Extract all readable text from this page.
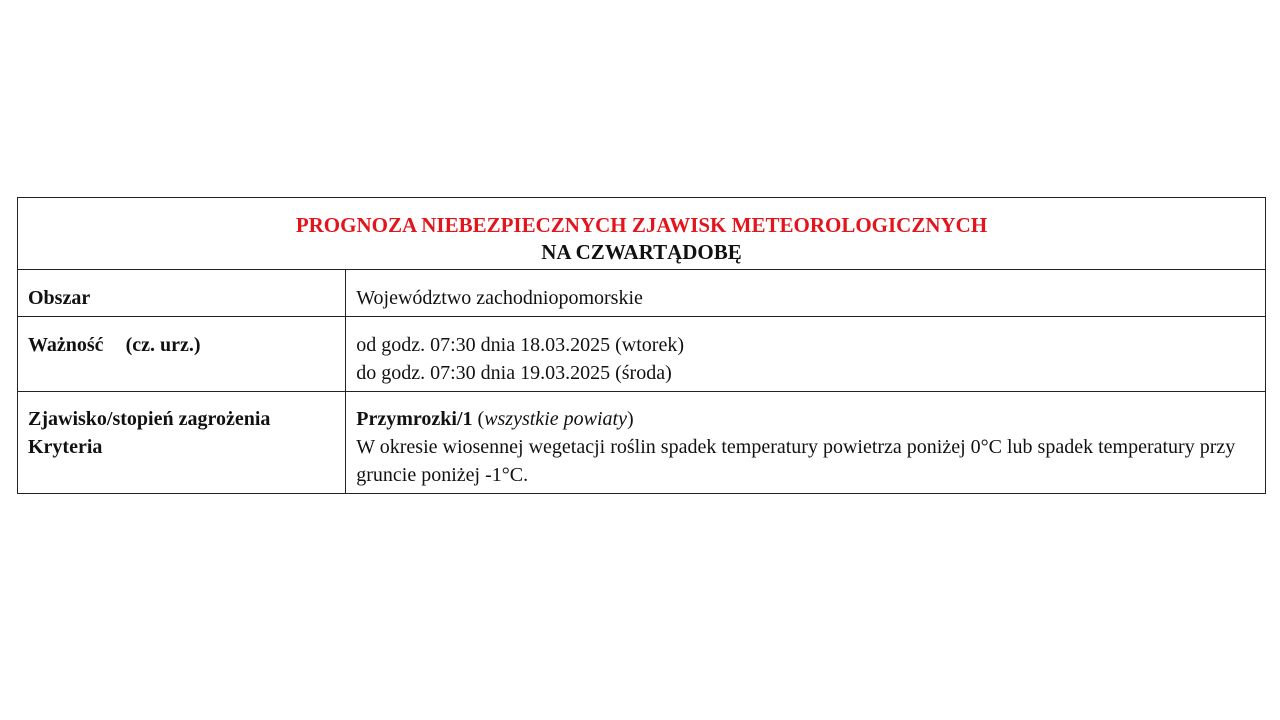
PROGNOZA NIEBEZPIECZNYCH ZJAWISK METEOROLOGICZNYCH
NA CZWARTĄDOBĘ	

Obszar	Województwo zachodniopomorskie
Ważność (cz. urz.)	od godz. 07:30 dnia 18.03.2025 (wtorek)
do godz. 07:30 dnia 19.03.2025 (środa)

Zjawisko/stopień zagrożenia
Kryteria	Przymrozki/1 (wszystkie powiaty)
W okresie wiosennej wegetacji roślin spadek temperatury powietrza poniżej 0°C lub spadek temperatury przy gruncie poniżej -1°C.
